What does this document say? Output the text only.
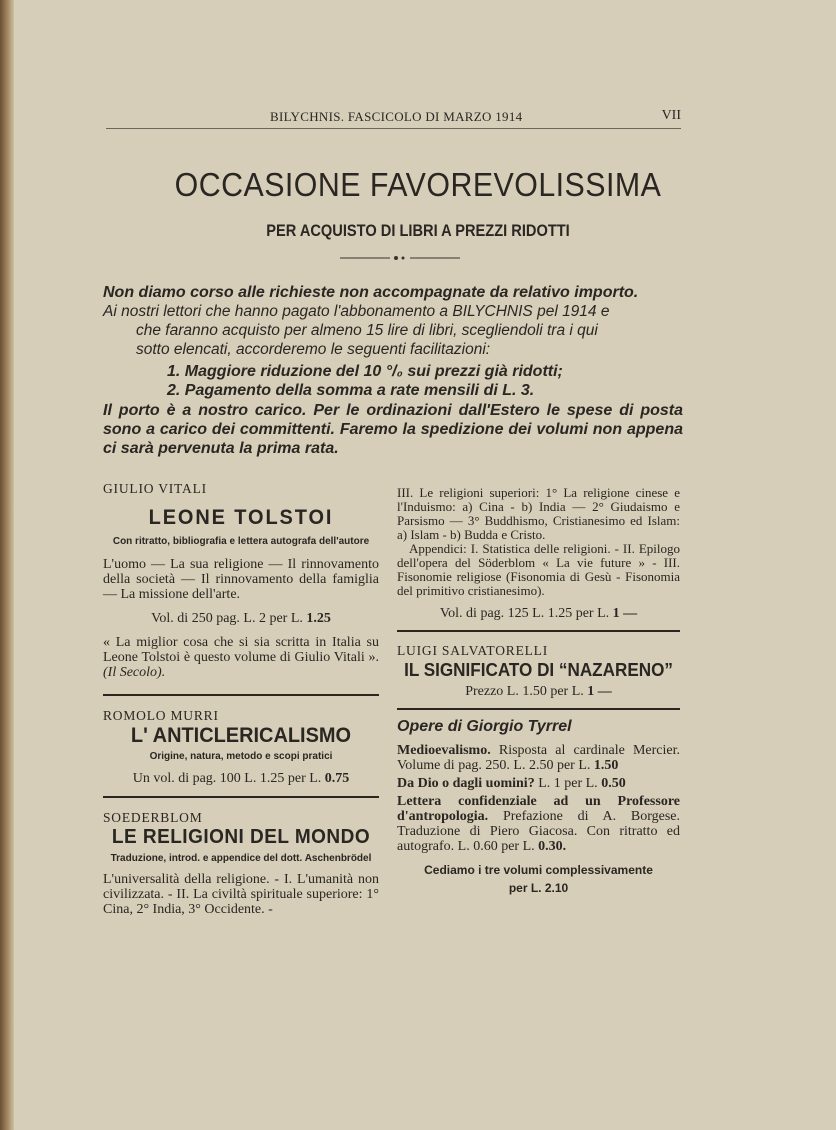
BILYCHNIS. FASCICOLO DI MARZO 1914	VII
OCCASIONE FAVOREVOLISSIMA
PER ACQUISTO DI LIBRI A PREZZI RIDOTTI

Non diamo corso alle richieste non accompagnate da relativo importo.

Ai nostri lettori che hanno pagato l'abbonamento a BILYCHNIS pel 1914 e

che faranno acquisto per almeno 15 lire di libri, scegliendoli tra i qui

sotto elencati, accorderemo le seguenti facilitazioni:

1. Maggiore riduzione del 10 °/₀ sui prezzi già ridotti;

2. Pagamento della somma a rate mensili di L. 3.

Il porto è a nostro carico. Per le ordinazioni dall'Estero le spese di posta sono a carico dei committenti. Faremo la spedizione dei volumi non appena ci sarà pervenuta la prima rata.

GIULIO VITALI

LEONE TOLSTOI

Con ritratto, bibliografia e lettera autografa dell'autore

L'uomo — La sua religione — Il rinnovamento della società — Il rinnovamento della famiglia — La missione dell'arte.

Vol. di 250 pag. L. 2 per L. 1.25

« La miglior cosa che si sia scritta in Italia su Leone Tolstoi è questo volume di Giulio Vitali ». (Il Secolo).

ROMOLO MURRI

L' ANTICLERICALISMO

Origine, natura, metodo e scopi pratici

Un vol. di pag. 100 L. 1.25 per L. 0.75

SOEDERBLOM

LE RELIGIONI DEL MONDO

Traduzione, introd. e appendice del dott. Aschenbrödel

L'universalità della religione. - I. L'umanità non civilizzata. - II. La civiltà spirituale superiore: 1° Cina, 2° India, 3° Occidente. -

III. Le religioni superiori: 1° La religione cinese e l'Induismo: a) Cina - b) India — 2° Giudaismo e Parsismo — 3° Buddhismo, Cristianesimo ed Islam: a) Islam - b) Budda e Cristo.

Appendici: I. Statistica delle religioni. - II. Epilogo dell'opera del Söderblom « La vie future » - III. Fisonomie religiose (Fisonomia di Gesù - Fisonomia del primitivo cristianesimo).

Vol. di pag. 125 L. 1.25 per L. 1 —

LUIGI SALVATORELLI

IL SIGNIFICATO DI “NAZARENO”

Prezzo L. 1.50 per L. 1 —

Opere di Giorgio Tyrrel

Medioevalismo. Risposta al cardinale Mercier. Volume di pag. 250. L. 2.50 per L. 1.50

Da Dio o dagli uomini? L. 1 per L. 0.50

Lettera confidenziale ad un Professore d'antropologia. Prefazione di A. Borgese. Traduzione di Piero Giacosa. Con ritratto ed autografo. L. 0.60 per L. 0.30.

Cediamo i tre volumi complessivamente

per L. 2.10
